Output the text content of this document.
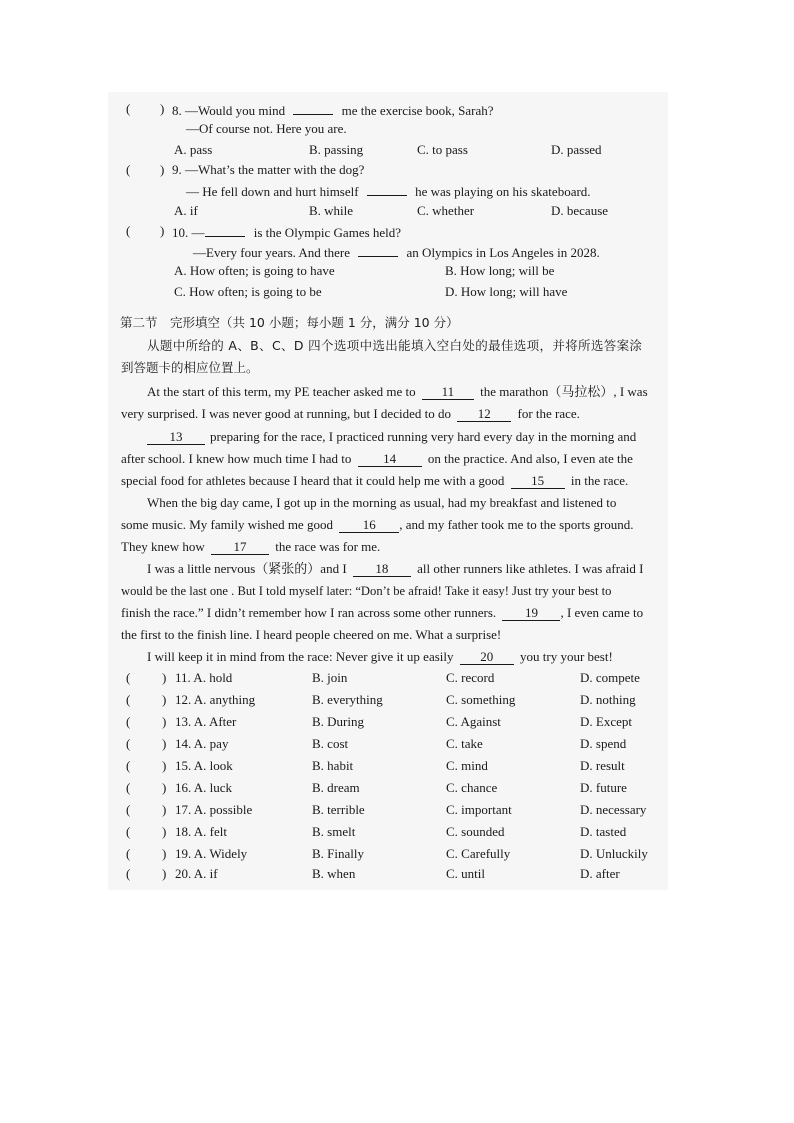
( ) 8. —Would you mind	me the exercise book, Sarah?
—Of course not. Here you are.
A. pass	B. passing	C. to pass	D. passed
( ) 9. —What’s the matter with the dog?
— He fell down and hurt himself	he was playing on his skateboard.
A. if	B. while	C. whether	D. because
( ) 10. —	is the Olympic Games held?
—Every four years. And there	an Olympics in Los Angeles in 2028.
A. How often; is going to have	B. How long; will be
C. How often; is going to be	D. How long; will have
第二节　完形填空（共 10 小题；每小题 1 分，满分 10 分）
从题中所给的 A、B、C、D 四个选项中选出能填入空白处的最佳选项，并将所选答案涂
到答题卡的相应位置上。
At the start of this term, my PE teacher asked me to 11 the marathon（马拉松）, I was
very surprised. I was never good at running, but I decided to do 12 for the race.
13 preparing for the race, I practiced running very hard every day in the morning and
after school. I knew how much time I had to 14 on the practice. And also, I even ate the
special food for athletes because I heard that it could help me with a good 15 in the race.
When the big day came, I got up in the morning as usual, had my breakfast and listened to
some music. My family wished me good 16 , and my father took me to the sports ground.
They knew how 17 the race was for me.
I was a little nervous（紧张的）and I 18 all other runners like athletes. I was afraid I
would be the last one . But I told myself later: “Don’t be afraid! Take it easy! Just try your best to
finish the race.” I didn’t remember how I ran across some other runners. 19 , I even came to
the first to the finish line. I heard people cheered on me. What a surprise!
I will keep it in mind from the race: Never give it up easily 20 you try your best!
( ) 11. A. hold	B. join	C. record	D. compete
( ) 12. A. anything	B. everything	C. something	D. nothing
( ) 13. A. After	B. During	C. Against	D. Except
( ) 14. A. pay	B. cost	C. take	D. spend
( ) 15. A. look	B. habit	C. mind	D. result
( ) 16. A. luck	B. dream	C. chance	D. future
( ) 17. A. possible	B. terrible	C. important	D. necessary
( ) 18. A. felt	B. smelt	C. sounded	D. tasted
( ) 19. A. Widely	B. Finally	C. Carefully	D. Unluckily
( ) 20. A. if	B. when	C. until	D. after
